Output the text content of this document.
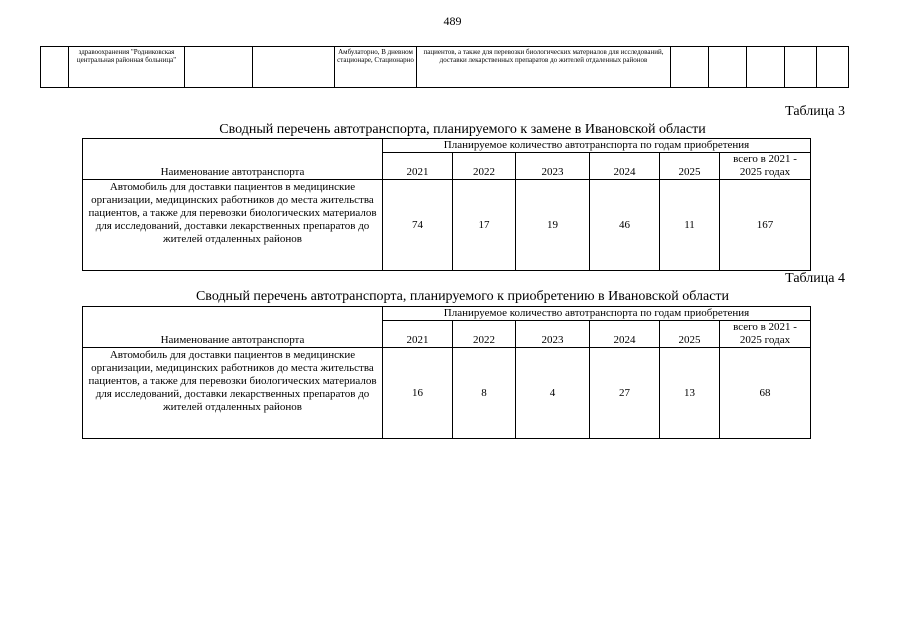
489
	здравоохранения "Родниковская центральная районная больница"			Амбулаторно, В дневном стационаре, Стационарно	пациентов, а также для перевозки биологических материалов для исследований, доставки лекарственных препаратов до жителей отдаленных районов					
Таблица 3
Сводный перечень автотранспорта, планируемого к замене в Ивановской области
Наименование автотранспорта	Планируемое количество автотранспорта по годам приобретения					
	2021	2022	2023	2024	2025	всего в 2021 - 2025 годах
Автомобиль для доставки пациентов в медицинские организации, медицинских работников до места жительства пациентов, а также для перевозки биологических материалов для исследований, доставки лекарственных препаратов до жителей отдаленных районов	74	17	19	46	11	167
Таблица 4
Сводный перечень автотранспорта, планируемого к приобретению в Ивановской области
Наименование автотранспорта	Планируемое количество автотранспорта по годам приобретения					
	2021	2022	2023	2024	2025	всего в 2021 - 2025 годах
Автомобиль для доставки пациентов в медицинские организации, медицинских работников до места жительства пациентов, а также для перевозки биологических материалов для исследований, доставки лекарственных препаратов до жителей отдаленных районов	16	8	4	27	13	68
